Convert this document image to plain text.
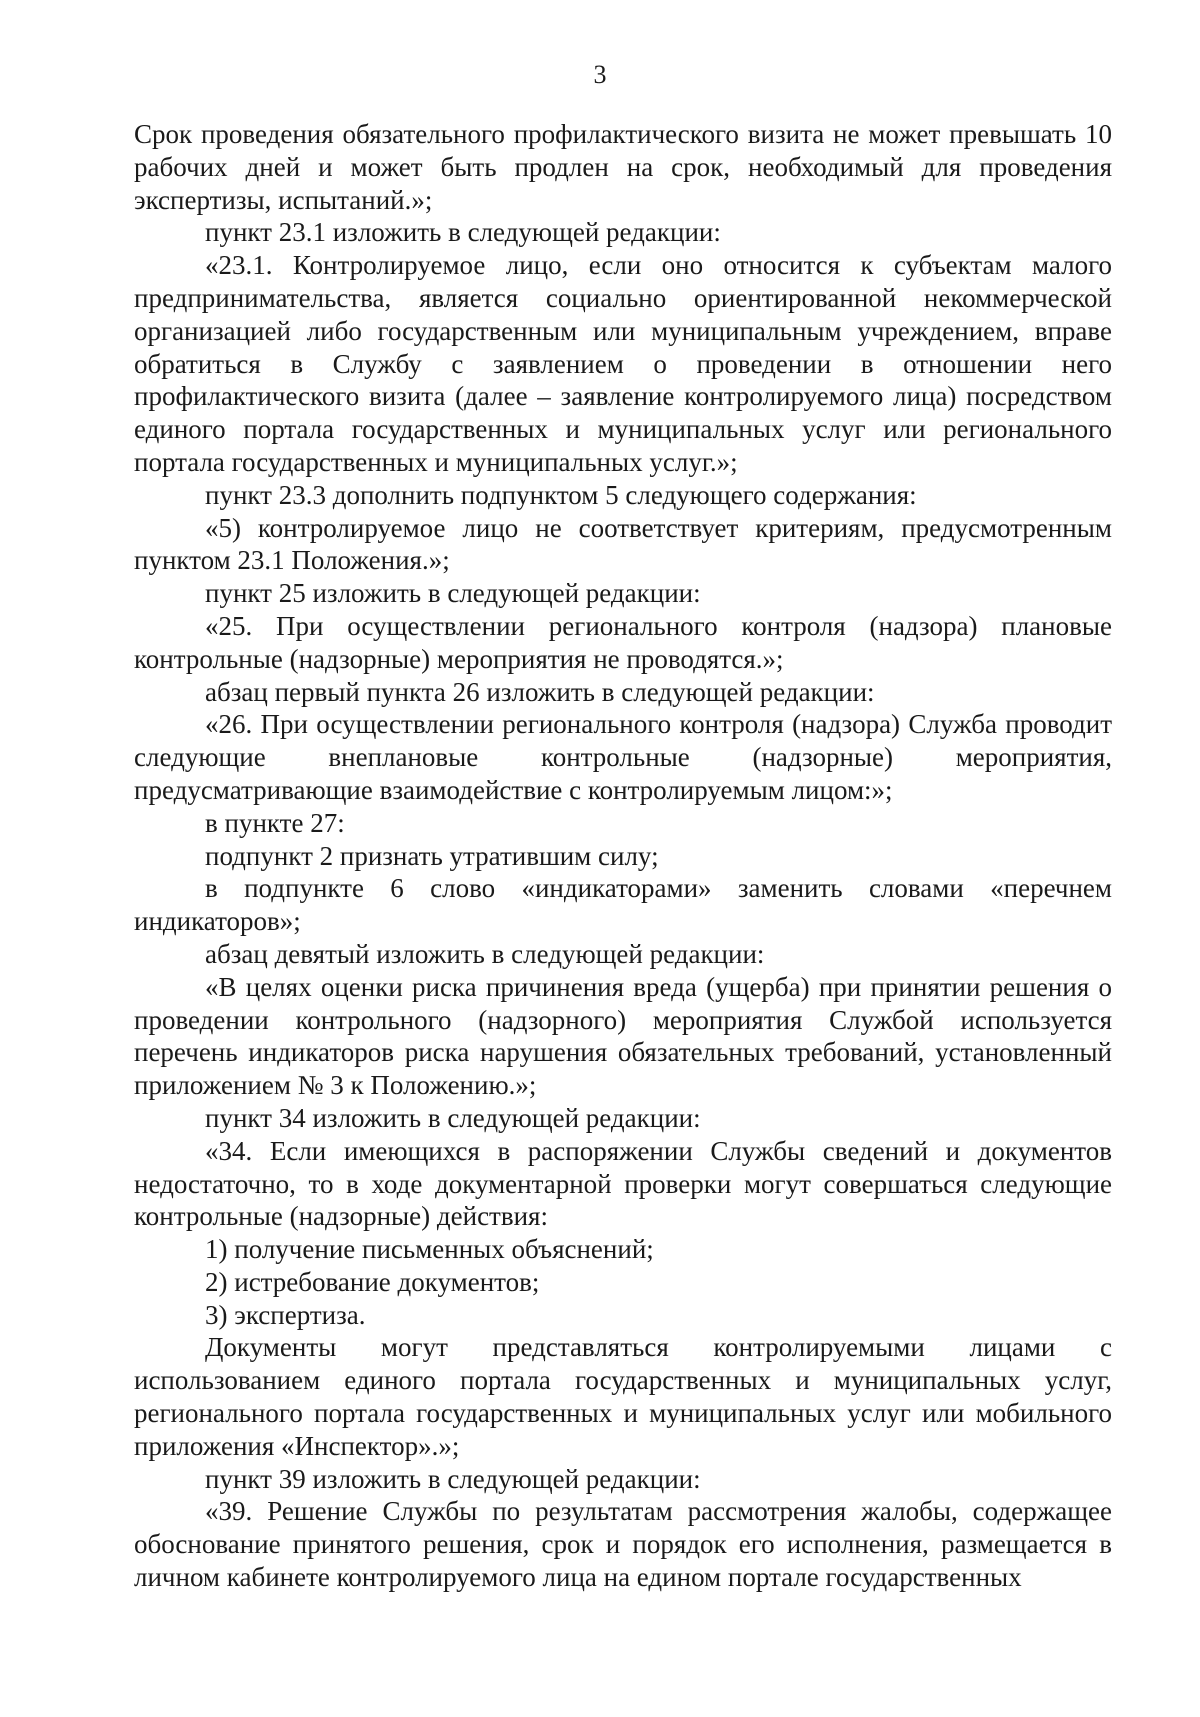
3

Срок проведения обязательного профилактического визита не может превышать 10 рабочих дней и может быть продлен на срок, необходимый для проведения экспертизы, испытаний.»;

пункт 23.1 изложить в следующей редакции:

«23.1. Контролируемое лицо, если оно относится к субъектам малого предпринимательства, является социально ориентированной некоммерческой организацией либо государственным или муниципальным учреждением, вправе обратиться в Службу с заявлением о проведении в отношении него профилактического визита (далее – заявление контролируемого лица) посредством единого портала государственных и муниципальных услуг или регионального портала государственных и муниципальных услуг.»;

пункт 23.3 дополнить подпунктом 5 следующего содержания:

«5) контролируемое лицо не соответствует критериям, предусмотренным пунктом 23.1 Положения.»;

пункт 25 изложить в следующей редакции:

«25. При осуществлении регионального контроля (надзора) плановые контрольные (надзорные) мероприятия не проводятся.»;

абзац первый пункта 26 изложить в следующей редакции:

«26. При осуществлении регионального контроля (надзора) Служба проводит следующие внеплановые контрольные (надзорные) мероприятия, предусматривающие взаимодействие с контролируемым лицом:»;

в пункте 27:

подпункт 2 признать утратившим силу;

в подпункте 6 слово «индикаторами» заменить словами «перечнем индикаторов»;

абзац девятый изложить в следующей редакции:

«В целях оценки риска причинения вреда (ущерба) при принятии решения о проведении контрольного (надзорного) мероприятия Службой используется перечень индикаторов риска нарушения обязательных требований, установленный приложением № 3 к Положению.»;

пункт 34 изложить в следующей редакции:

«34. Если имеющихся в распоряжении Службы сведений и документов недостаточно, то в ходе документарной проверки могут совершаться следующие контрольные (надзорные) действия:

1) получение письменных объяснений;

2) истребование документов;

3) экспертиза.

Документы могут представляться контролируемыми лицами с использованием единого портала государственных и муниципальных услуг, регионального портала государственных и муниципальных услуг или мобильного приложения «Инспектор».»;

пункт 39 изложить в следующей редакции:

«39. Решение Службы по результатам рассмотрения жалобы, содержащее обоснование принятого решения, срок и порядок его исполнения, размещается в личном кабинете контролируемого лица на едином портале государственных
